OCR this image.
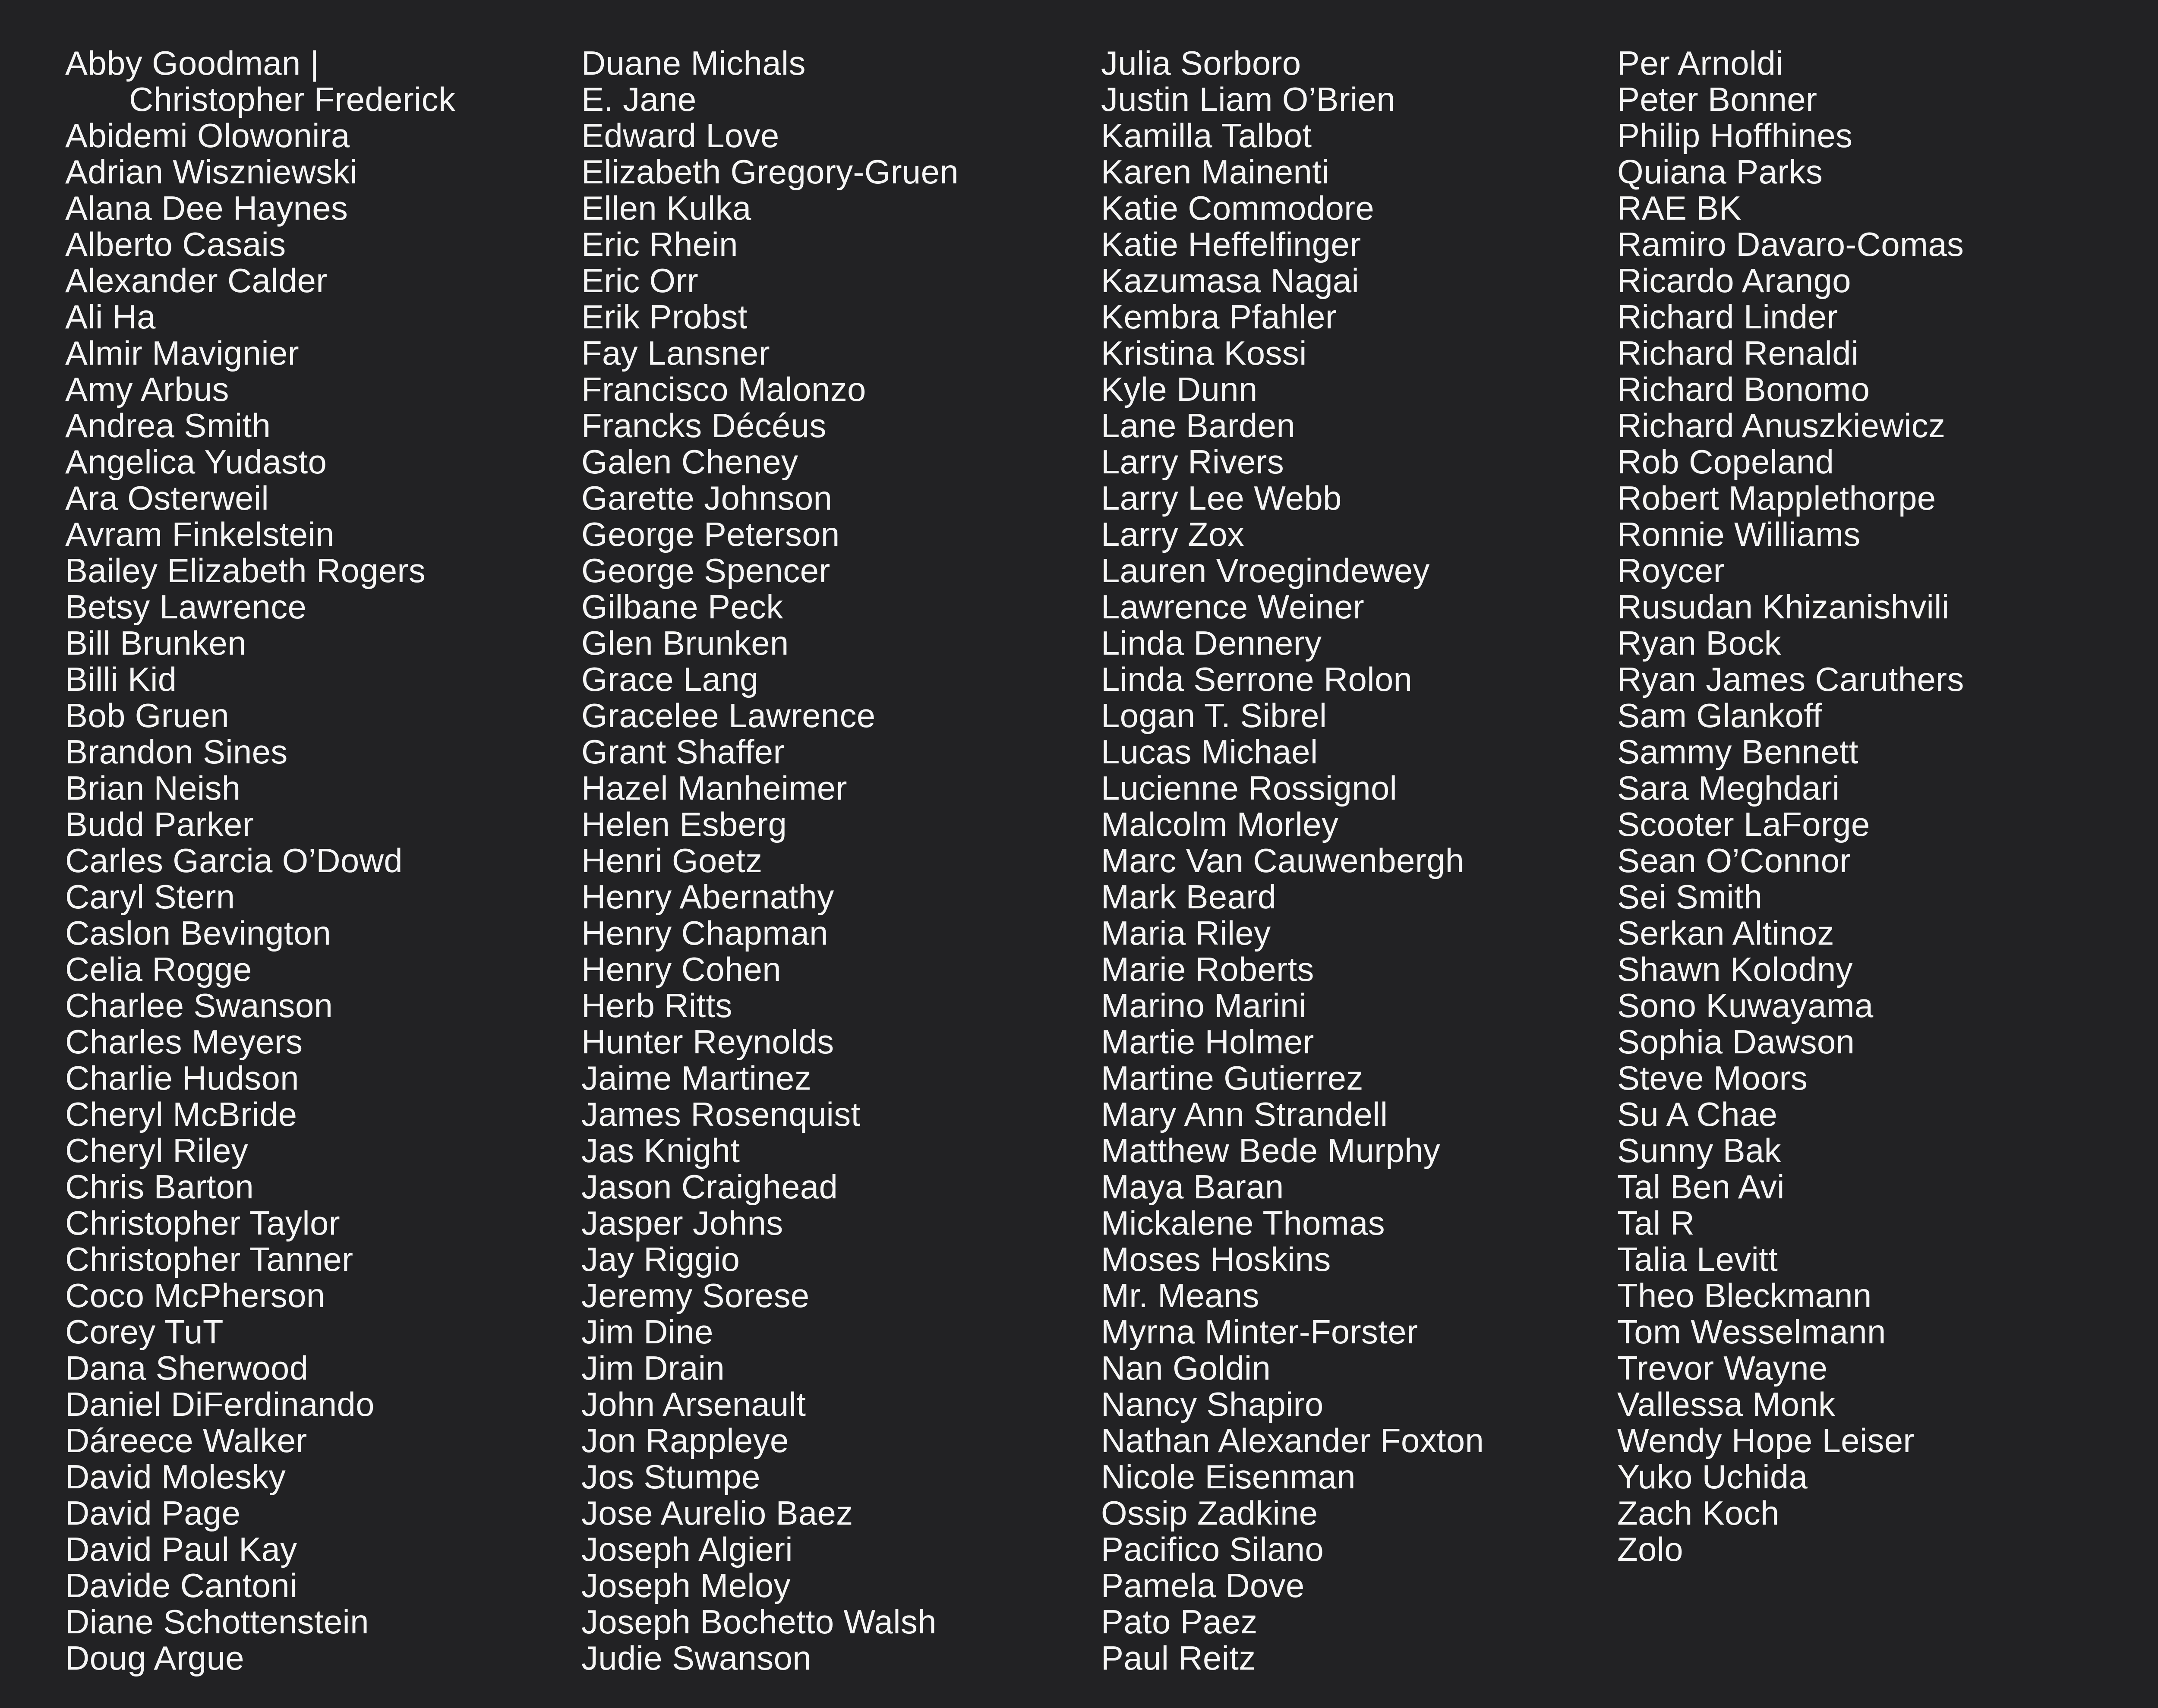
Abby Goodman |
Christopher Frederick
Abidemi Olowonira
Adrian Wiszniewski
Alana Dee Haynes
Alberto Casais
Alexander Calder
Ali Ha
Almir Mavignier
Amy Arbus
Andrea Smith
Angelica Yudasto
Ara Osterweil
Avram Finkelstein
Bailey Elizabeth Rogers
Betsy Lawrence
Bill Brunken
Billi Kid
Bob Gruen
Brandon Sines
Brian Neish
Budd Parker
Carles Garcia O’Dowd
Caryl Stern
Caslon Bevington
Celia Rogge
Charlee Swanson
Charles Meyers
Charlie Hudson
Cheryl McBride
Cheryl Riley
Chris Barton
Christopher Taylor
Christopher Tanner
Coco McPherson
Corey TuT
Dana Sherwood
Daniel DiFerdinando
Dáreece Walker
David Molesky
David Page
David Paul Kay
Davide Cantoni
Diane Schottenstein
Doug Argue
Duane Michals
E. Jane
Edward Love
Elizabeth Gregory-Gruen
Ellen Kulka
Eric Rhein
Eric Orr
Erik Probst
Fay Lansner
Francisco Malonzo
Francks Décéus
Galen Cheney
Garette Johnson
George Peterson
George Spencer
Gilbane Peck
Glen Brunken
Grace Lang
Gracelee Lawrence
Grant Shaffer
Hazel Manheimer
Helen Esberg
Henri Goetz
Henry Abernathy
Henry Chapman
Henry Cohen
Herb Ritts
Hunter Reynolds
Jaime Martinez
James Rosenquist
Jas Knight
Jason Craighead
Jasper Johns
Jay Riggio
Jeremy Sorese
Jim Dine
Jim Drain
John Arsenault
Jon Rappleye
Jos Stumpe
Jose Aurelio Baez
Joseph Algieri
Joseph Meloy
Joseph Bochetto Walsh
Judie Swanson
Julia Sorboro
Justin Liam O’Brien
Kamilla Talbot
Karen Mainenti
Katie Commodore
Katie Heffelfinger
Kazumasa Nagai
Kembra Pfahler
Kristina Kossi
Kyle Dunn
Lane Barden
Larry Rivers
Larry Lee Webb
Larry Zox
Lauren Vroegindewey
Lawrence Weiner
Linda Dennery
Linda Serrone Rolon
Logan T. Sibrel
Lucas Michael
Lucienne Rossignol
Malcolm Morley
Marc Van Cauwenbergh
Mark Beard
Maria Riley
Marie Roberts
Marino Marini
Martie Holmer
Martine Gutierrez
Mary Ann Strandell
Matthew Bede Murphy
Maya Baran
Mickalene Thomas
Moses Hoskins
Mr. Means
Myrna Minter-Forster
Nan Goldin
Nancy Shapiro
Nathan Alexander Foxton
Nicole Eisenman
Ossip Zadkine
Pacifico Silano
Pamela Dove
Pato Paez
Paul Reitz
Per Arnoldi
Peter Bonner
Philip Hoffhines
Quiana Parks
RAE BK
Ramiro Davaro-Comas
Ricardo Arango
Richard Linder
Richard Renaldi
Richard Bonomo
Richard Anuszkiewicz
Rob Copeland
Robert Mapplethorpe
Ronnie Williams
Roycer
Rusudan Khizanishvili
Ryan Bock
Ryan James Caruthers
Sam Glankoff
Sammy Bennett
Sara Meghdari
Scooter LaForge
Sean O’Connor
Sei Smith
Serkan Altinoz
Shawn Kolodny
Sono Kuwayama
Sophia Dawson
Steve Moors
Su A Chae
Sunny Bak
Tal Ben Avi
Tal R
Talia Levitt
Theo Bleckmann
Tom Wesselmann
Trevor Wayne
Vallessa Monk
Wendy Hope Leiser
Yuko Uchida
Zach Koch
Zolo
